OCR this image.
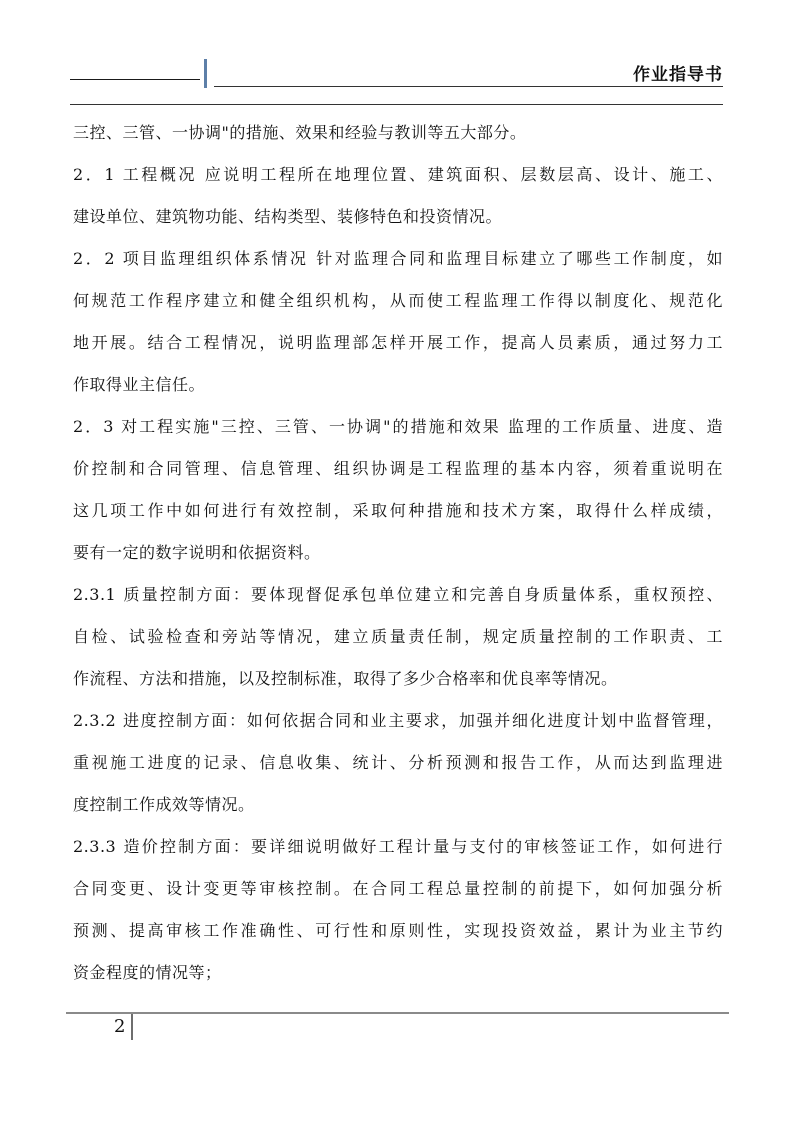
作业指导书
三控、三管、一协调"的措施、效果和经验与教训等五大部分。
2．1 工程概况 应说明工程所在地理位置、建筑面积、层数层高、设计、施工、
建设单位、建筑物功能、结构类型、装修特色和投资情况。
2．2 项目监理组织体系情况 针对监理合同和监理目标建立了哪些工作制度，如
何规范工作程序建立和健全组织机构，从而使工程监理工作得以制度化、规范化
地开展。结合工程情况，说明监理部怎样开展工作，提高人员素质，通过努力工
作取得业主信任。
2．3 对工程实施"三控、三管、一协调"的措施和效果 监理的工作质量、进度、造
价控制和合同管理、信息管理、组织协调是工程监理的基本内容，须着重说明在
这几项工作中如何进行有效控制，采取何种措施和技术方案，取得什么样成绩，
要有一定的数字说明和依据资料。
2.3.1 质量控制方面：要体现督促承包单位建立和完善自身质量体系，重权预控、
自检、试验检查和旁站等情况，建立质量责任制，规定质量控制的工作职责、工
作流程、方法和措施，以及控制标准，取得了多少合格率和优良率等情况。
2.3.2 进度控制方面：如何依据合同和业主要求，加强并细化进度计划中监督管理，
重视施工进度的记录、信息收集、统计、分析预测和报告工作，从而达到监理进
度控制工作成效等情况。
2.3.3 造价控制方面：要详细说明做好工程计量与支付的审核签证工作，如何进行
合同变更、设计变更等审核控制。在合同工程总量控制的前提下，如何加强分析
预测、提高审核工作准确性、可行性和原则性，实现投资效益，累计为业主节约
资金程度的情况等；
2
